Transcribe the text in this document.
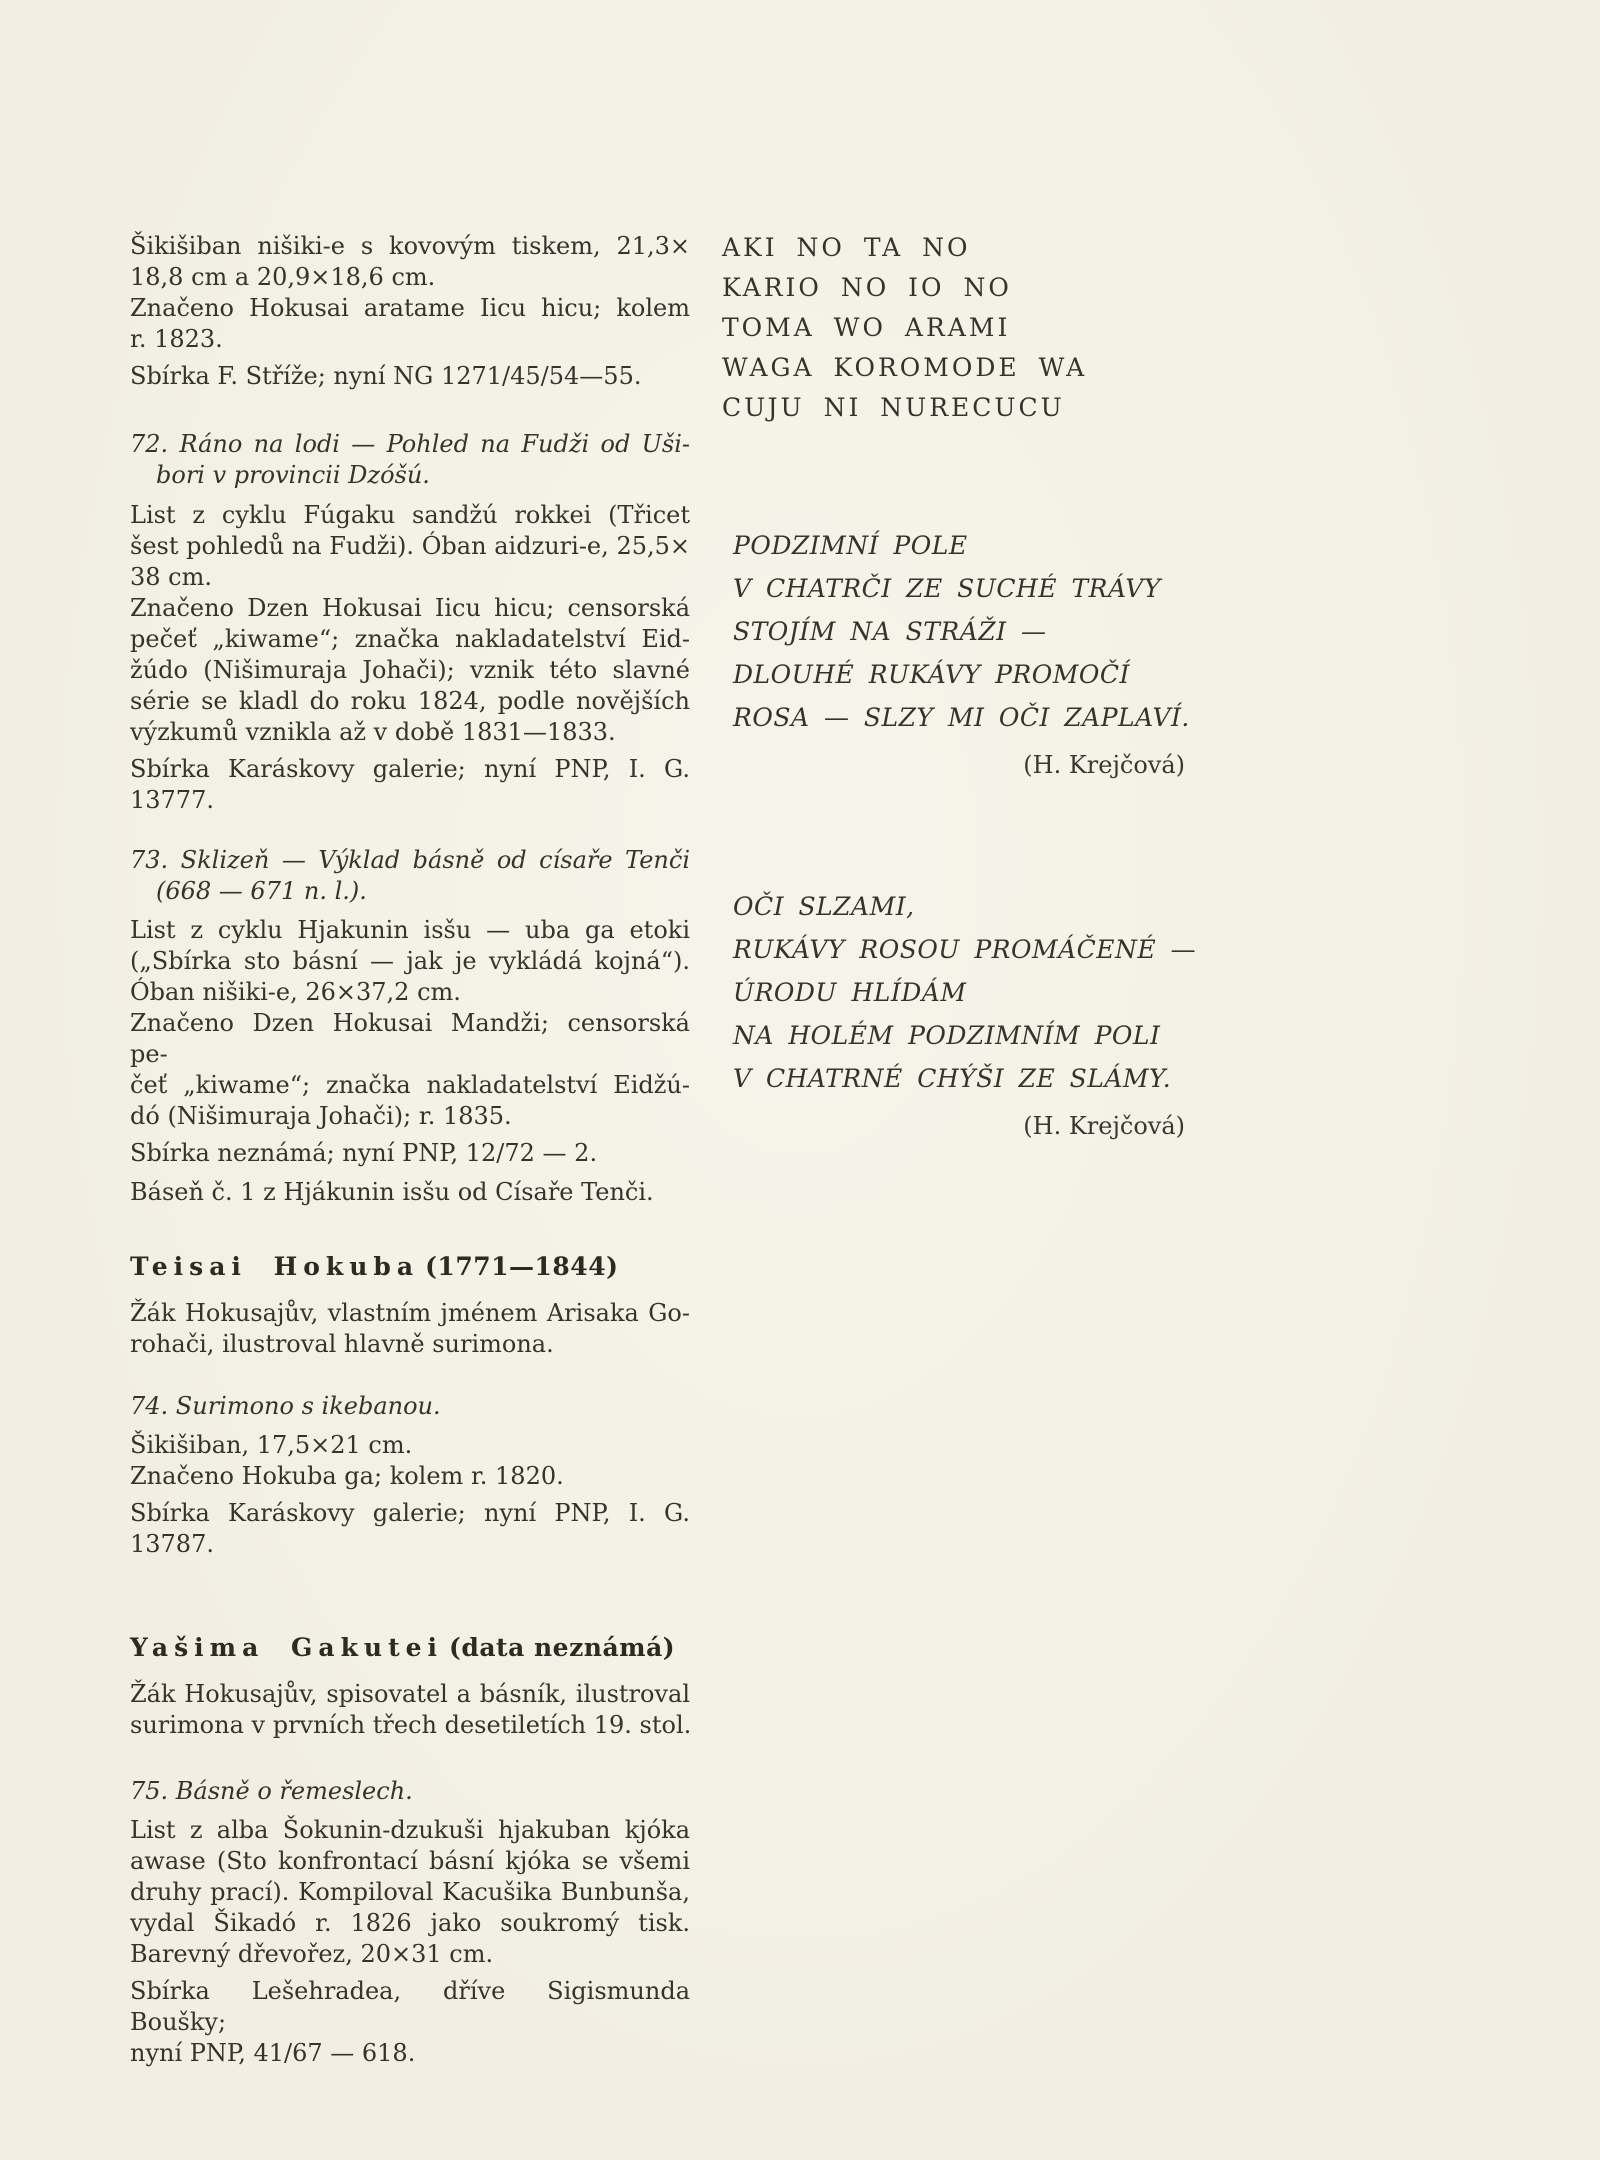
Šikišiban nišiki-e s kovovým tiskem, 21,3×
18,8 cm a 20,9×18,6 cm.
Značeno Hokusai aratame Iicu hicu; kolem
r. 1823.
Sbírka F. Stříže; nyní NG 1271/45/54—55.
72. Ráno na lodi — Pohled na Fudži od Uši-
bori v provincii Dzóšú.
List z cyklu Fúgaku sandžú rokkei (Třicet
šest pohledů na Fudži). Óban aidzuri-e, 25,5×
38 cm.
Značeno Dzen Hokusai Iicu hicu; censorská
pečeť „kiwame“; značka nakladatelství Eid-
žúdo (Nišimuraja Johači); vznik této slavné
série se kladl do roku 1824, podle novějších
výzkumů vznikla až v době 1831—1833.
Sbírka Karáskovy galerie; nyní PNP, I. G.
13777.
73. Sklizeň — Výklad básně od císaře Tenči
(668 — 671 n. l.).
List z cyklu Hjakunin isšu — uba ga etoki
(„Sbírka sto básní — jak je vykládá kojná“).
Óban nišiki-e, 26×37,2 cm.
Značeno Dzen Hokusai Mandži; censorská pe-
čeť „kiwame“; značka nakladatelství Eidžú-
dó (Nišimuraja Johači); r. 1835.
Sbírka neznámá; nyní PNP, 12/72 — 2.
Báseň č. 1 z Hjákunin isšu od Císaře Tenči.
Teisai Hokuba (1771—1844)
Žák Hokusajův, vlastním jménem Arisaka Go-
rohači, ilustroval hlavně surimona.
74. Surimono s ikebanou.
Šikišiban, 17,5×21 cm.
Značeno Hokuba ga; kolem r. 1820.
Sbírka Karáskovy galerie; nyní PNP, I. G.
13787.
Yašima Gakutei (data neznámá)
Žák Hokusajův, spisovatel a básník, ilustroval
surimona v prvních třech desetiletích 19. stol.
75. Básně o řemeslech.
List z alba Šokunin-dzukuši hjakuban kjóka
awase (Sto konfrontací básní kjóka se všemi
druhy prací). Kompiloval Kacušika Bunbunša,
vydal Šikadó r. 1826 jako soukromý tisk.
Barevný dřevořez, 20×31 cm.
Sbírka Lešehradea, dříve Sigismunda Boušky;
nyní PNP, 41/67 — 618.
AKI NO TA NO
KARIO NO IO NO
TOMA WO ARAMI
WAGA KOROMODE WA
CUJU NI NURECUCU
PODZIMNÍ POLE
V CHATRČI ZE SUCHÉ TRÁVY
STOJÍM NA STRÁŽI —
DLOUHÉ RUKÁVY PROMOČÍ
ROSA — SLZY MI OČI ZAPLAVÍ.
(H. Krejčová)
OČI SLZAMI,
RUKÁVY ROSOU PROMÁČENÉ —
ÚRODU HLÍDÁM
NA HOLÉM PODZIMNÍM POLI
V CHATRNÉ CHÝŠI ZE SLÁMY.
(H. Krejčová)
